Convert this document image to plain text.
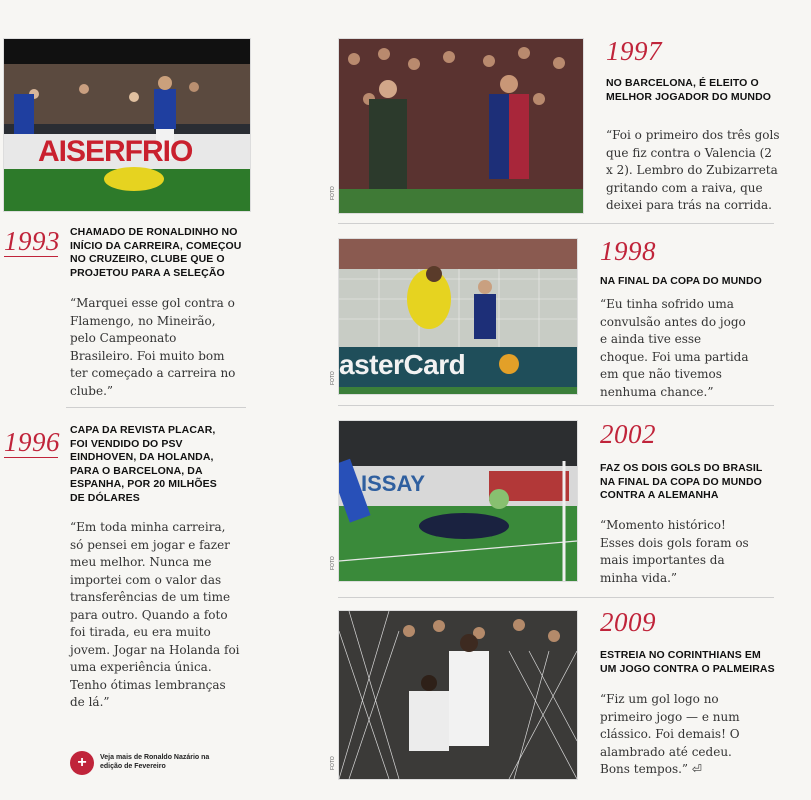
AISERFRIO
1993 CHAMADO DE RONALDINHO NO INÍCIO DA CARREIRA, COMEÇOU NO CRUZEIRO, CLUBE QUE O PROJETOU PARA A SELEÇÃO
“Marquei esse gol contra o Flamengo, no Mineirão, pelo Campeonato Brasileiro. Foi muito bom ter começado a carreira no clube.”
1996 CAPA DA REVISTA PLACAR, FOI VENDIDO DO PSV EINDHOVEN, DA HOLANDA, PARA O BARCELONA, DA ESPANHA, POR 20 MILHÕES DE DÓLARES
“Em toda minha carreira, só pensei em jogar e fazer meu melhor. Nunca me importei com o valor das transferências de um time para outro. Quando a foto foi tirada, eu era muito jovem. Jogar na Holanda foi uma experiência única. Tenho ótimas lembranças de lá.”
+	Veja mais de Ronaldo Nazário na edição de Fevereiro
FOTO
1997
NO BARCELONA, É ELEITO O MELHOR JOGADOR DO MUNDO
“Foi o primeiro dos três gols que fiz contra o Valencia (2 x 2). Lembro do Zubizarreta gritando com a raiva, que deixei para trás na corrida.
asterCard
FOTO
1998
NA FINAL DA COPA DO MUNDO
“Eu tinha sofrido uma convulsão antes do jogo e ainda tive esse choque. Foi uma partida em que não tivemos nenhuma chance.”
ISSAY
FOTO
2002
FAZ OS DOIS GOLS DO BRASIL NA FINAL DA COPA DO MUNDO CONTRA A ALEMANHA
“Momento histórico! Esses dois gols foram os mais importantes da minha vida.”
FOTO
2009
ESTREIA NO CORINTHIANS EM UM JOGO CONTRA O PALMEIRAS
“Fiz um gol logo no primeiro jogo — e num clássico. Foi demais! O alambrado até cedeu. Bons tempos.” ⏎
